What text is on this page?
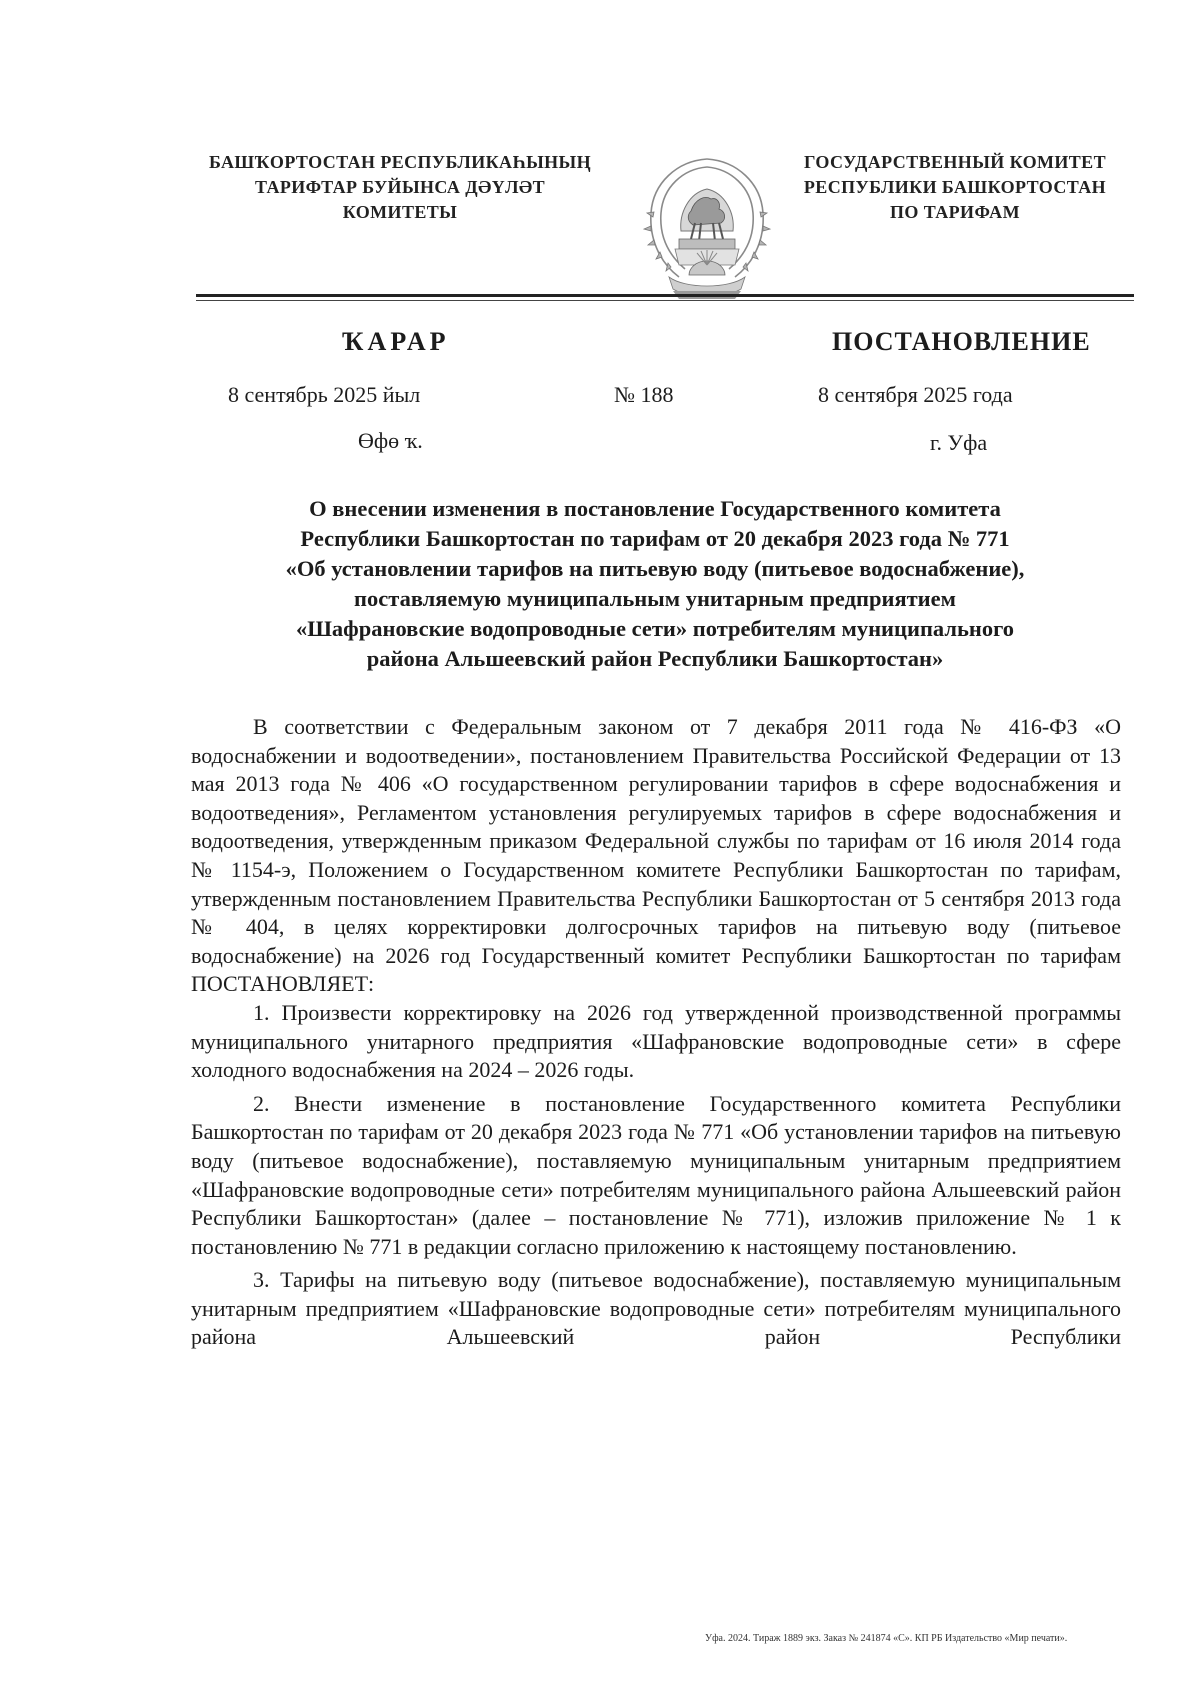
БАШҠОРТОСТАН РЕСПУБЛИКАҺЫНЫҢ
ТАРИФТАР БУЙЫНСА ДӘҮЛӘТ
КОМИТЕТЫ
ГОСУДАРСТВЕННЫЙ КОМИТЕТ
РЕСПУБЛИКИ БАШКОРТОСТАН
ПО ТАРИФАМ
ҠАРАР	ПОСТАНОВЛЕНИЕ
8 сентябрь 2025 йыл	№ 188	8 сентября 2025 года
Өфө ҡ.	г. Уфа
О внесении изменения в постановление Государственного комитета
Республики Башкортостан по тарифам от 20 декабря 2023 года № 771
«Об установлении тарифов на питьевую воду (питьевое водоснабжение),
поставляемую муниципальным унитарным предприятием
«Шафрановские водопроводные сети» потребителям муниципального
района Альшеевский район Республики Башкортостан»

В соответствии с Федеральным законом от 7 декабря 2011 года № 416-ФЗ «О водоснабжении и водоотведении», постановлением Правительства Российской Федерации от 13 мая 2013 года № 406 «О государственном регулировании тарифов в сфере водоснабжения и водоотведения», Регламентом установления регулируемых тарифов в сфере водоснабжения и водоотведения, утвержденным приказом Федеральной службы по тарифам от 16 июля 2014 года № 1154-э, Положением о Государственном комитете Республики Башкортостан по тарифам, утвержденным постановлением Правительства Республики Башкортостан от 5 сентября 2013 года № 404, в целях корректировки долгосрочных тарифов на питьевую воду (питьевое водоснабжение) на 2026 год Государственный комитет Республики Башкортостан по тарифам ПОСТАНОВЛЯЕТ:

1. Произвести корректировку на 2026 год утвержденной производственной программы муниципального унитарного предприятия «Шафрановские водопроводные сети» в сфере холодного водоснабжения на 2024 – 2026 годы.

2. Внести изменение в постановление Государственного комитета Республики Башкортостан по тарифам от 20 декабря 2023 года № 771 «Об установлении тарифов на питьевую воду (питьевое водоснабжение), поставляемую муниципальным унитарным предприятием «Шафрановские водопроводные сети» потребителям муниципального района Альшеевский район Республики Башкортостан» (далее – постановление № 771), изложив приложение № 1 к постановлению № 771 в редакции согласно приложению к настоящему постановлению.

3. Тарифы на питьевую воду (питьевое водоснабжение), поставляемую муниципальным унитарным предприятием «Шафрановские водопроводные сети» потребителям муниципального района Альшеевский район Республики

Уфа. 2024. Тираж 1889 экз. Заказ № 241874 «С». КП РБ Издательство «Мир печати».
